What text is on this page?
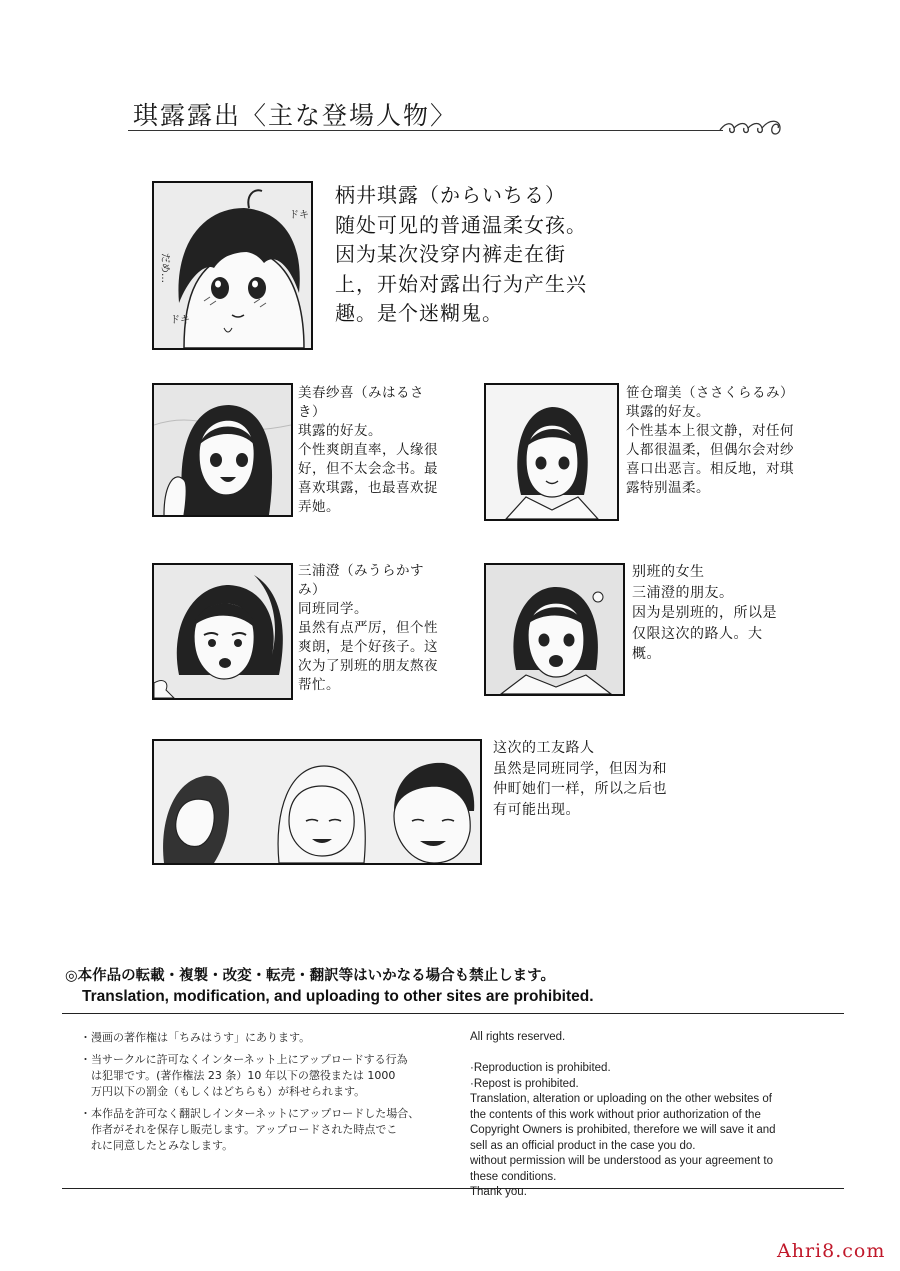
琪露露出〈主な登場人物〉
ドキ
だめ…
ドキ
柄井琪露（からいちる）
随处可见的普通温柔女孩。
因为某次没穿内裤走在街
上，开始对露出行为产生兴
趣。是个迷糊鬼。
美春纱喜（みはるさ
き）
琪露的好友。
个性爽朗直率，人缘很
好，但不太会念书。最
喜欢琪露，也最喜欢捉
弄她。
笹仓瑠美（ささくらるみ）
琪露的好友。
个性基本上很文静，对任何
人都很温柔，但偶尔会对纱
喜口出恶言。相反地，对琪
露特别温柔。
三浦澄（みうらかす
み）
同班同学。
虽然有点严厉，但个性
爽朗，是个好孩子。这
次为了别班的朋友熬夜
帮忙。
别班的女生
三浦澄的朋友。
因为是别班的，所以是
仅限这次的路人。大
概。
这次的工友路人
虽然是同班同学，但因为和
仲町她们一样，所以之后也
有可能出现。
◎本作品の転載・複製・改変・転売・翻訳等はいかなる場合も禁止します。
Translation, modification, and uploading to other sites are prohibited.
・漫画の著作権は「ちみはうす」にあります。
・当サークルに許可なくインターネット上にアップロードする行為
　は犯罪です。(著作権法 23 条）10 年以下の懲役または 1000
　万円以下の罰金（もしくはどちらも）が科せられます。
・本作品を許可なく翻訳しインターネットにアップロードした場合、
　作者がそれを保存し販売します。アップロードされた時点でこ
　れに同意したとみなします。
All rights reserved.

·Reproduction is prohibited.
·Repost is prohibited.
Translation, alteration or uploading on the other websites of
the contents of this work without prior authorization of the
Copyright Owners is prohibited, therefore we will save it and
sell as an official product in the case you do.
without permission will be understood as your agreement to
these conditions.
Thank you.
Ahri8.com
